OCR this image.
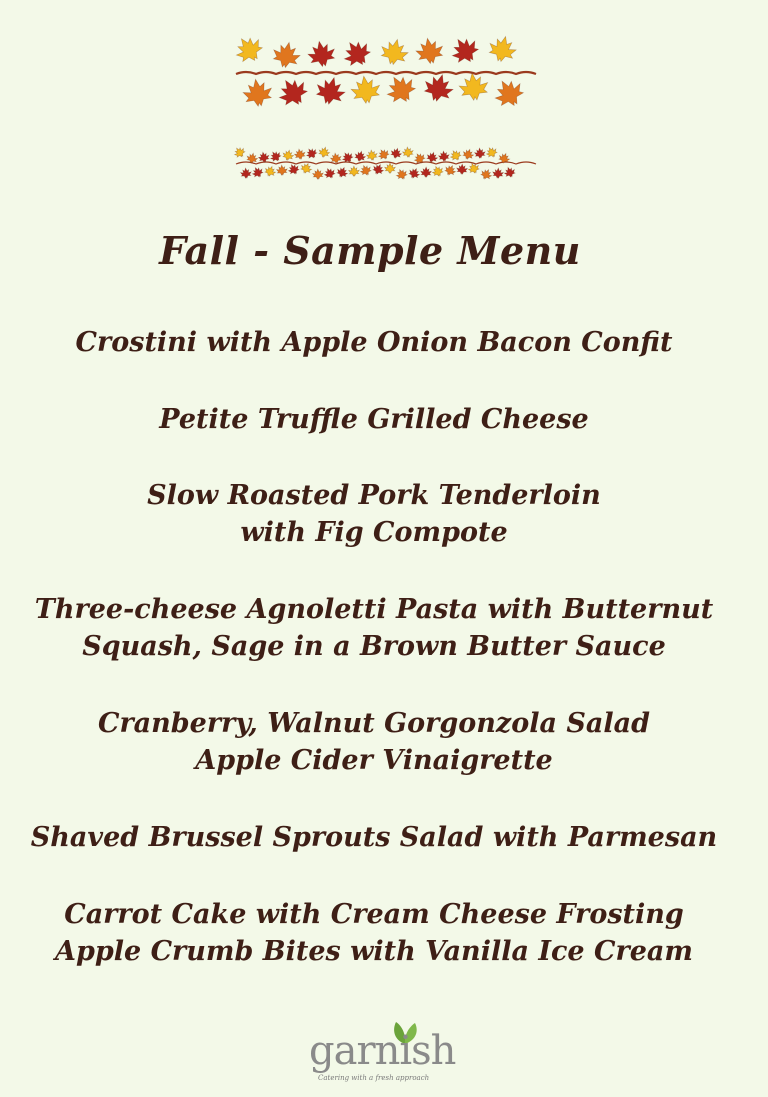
Fall - Sample Menu
Crostini with Apple Onion Bacon Confit
Petite Truffle Grilled Cheese
Slow Roasted Pork Tenderloin
with Fig Compote
Three-cheese Agnoletti Pasta with Butternut
Squash, Sage in a Brown Butter Sauce
Cranberry, Walnut Gorgonzola Salad
Apple Cider Vinaigrette
Shaved Brussel Sprouts Salad with Parmesan
Carrot Cake with Cream Cheese Frosting
Apple Crumb Bites with Vanilla Ice Cream
garnish
Catering with a fresh approach
